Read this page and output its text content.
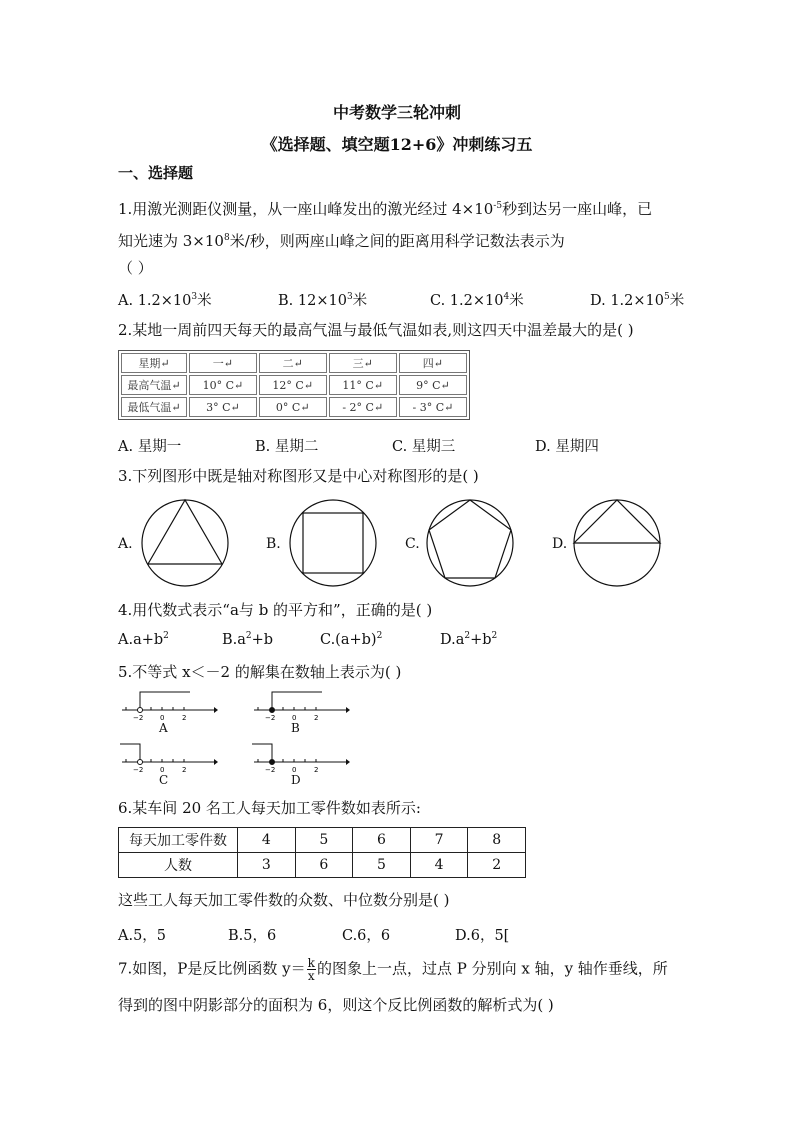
中考数学三轮冲刺
《选择题、填空题12+6》冲刺练习五
一、选择题
1.用激光测距仪测量，从一座山峰发出的激光经过 $4\times 10^{-5}$秒到达另一座山峰，已
知光速为 $3\times 10^8$米/秒，则两座山峰之间的距离用科学记数法表示为
（ ）
A. $1.2\times 10^3$米	B. $12\times 10^3$米	C. $1.2\times 10^4$米	D. $1.2\times 10^5$米
2.某地一周前四天每天的最高气温与最低气温如表,则这四天中温差最大的是( )
星期↵	一↵	二↵	三↵	四↵
最高气温↵	10° C↵	12° C↵	11° C↵	9° C↵
最低气温↵	3° C↵	0° C↵	- 2° C↵	- 3° C↵
A. 星期一	B. 星期二	C. 星期三	D. 星期四
3.下列图形中既是轴对称图形又是中心对称图形的是( )
A.	B.	C.	D.
4.用代数式表示“a与 b 的平方和”，正确的是( )
$A.a+b^2$	$B.a^2+b$	$C.(a+b)^2$	$D.a^2+b^2$
5.不等式 x＜－2 的解集在数轴上表示为( )
−2 0	2
A
−2 0	2
B
−2 0	2
C
−2 0	2
D
6.某车间 20 名工人每天加工零件数如表所示:
每天加工零件数	4	5	6	7	8
人数	3	6	5	4	2
这些工人每天加工零件数的众数、中位数分别是( )
A.5，5	B.5，6	C.6，6	D.6，5[
7.如图，P是反比例函数 $y= \frac{k}{x}$ 的图象上一点，过点 P 分别向 x 轴，y 轴作垂线，所
得到的图中阴影部分的面积为 6，则这个反比例函数的解析式为( )
